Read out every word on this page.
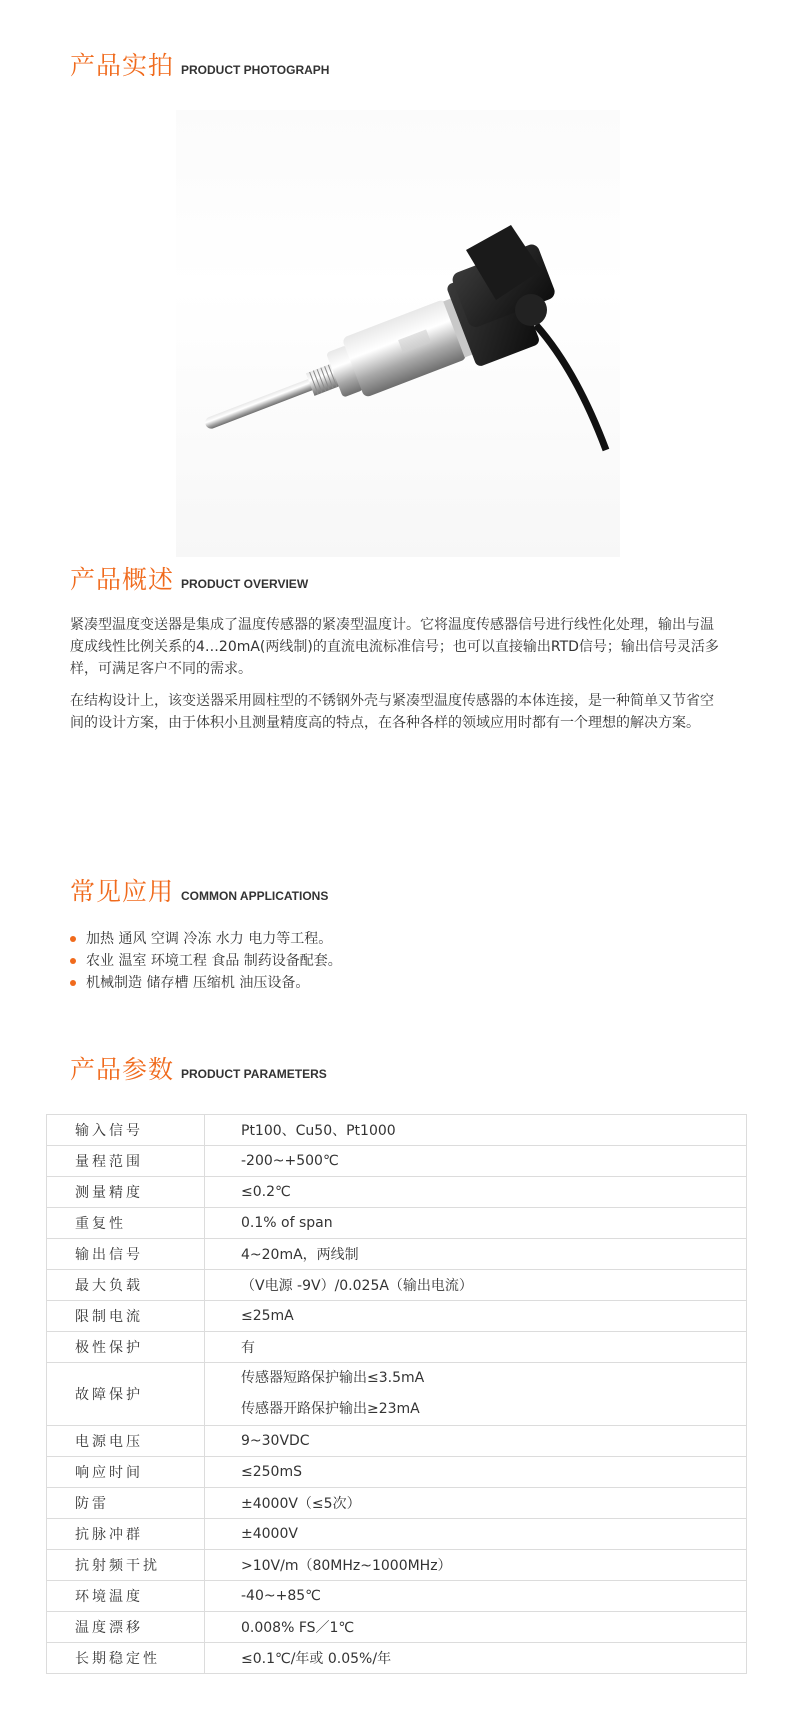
产品实拍 PRODUCT PHOTOGRAPH
产品概述 PRODUCT OVERVIEW

紧凑型温度变送器是集成了温度传感器的紧凑型温度计。它将温度传感器信号进行线性化处理，输出与温度成线性比例关系的4…20mA(两线制)的直流电流标准信号；也可以直接输出RTD信号；输出信号灵活多样，可满足客户不同的需求。

在结构设计上，该变送器采用圆柱型的不锈钢外壳与紧凑型温度传感器的本体连接，是一种简单又节省空间的设计方案，由于体积小且测量精度高的特点，在各种各样的领域应用时都有一个理想的解决方案。

常见应用 COMMON APPLICATIONS
加热 通风 空调 冷冻 水力 电力等工程。
农业 温室 环境工程 食品 制药设备配套。
机械制造 储存槽 压缩机 油压设备。
产品参数 PRODUCT PARAMETERS
输入信号	Pt100、Cu50、Pt1000
量程范围	-200~+500℃
测量精度	≤0.2℃
重复性	0.1% of span
输出信号	4~20mA，两线制
最大负载	（V电源 -9V）/0.025A（输出电流）
限制电流	≤25mA
极性保护	有
故障保护	传感器短路保护输出≤3.5mA
传感器开路保护输出≥23mA

电源电压	9~30VDC
响应时间	≤250mS
防雷	±4000V（≤5次）
抗脉冲群	±4000V
抗射频干扰	>10V/m（80MHz~1000MHz）
环境温度	-40~+85℃
温度漂移	0.008% FS／1℃
长期稳定性	≤0.1℃/年或 0.05%/年
